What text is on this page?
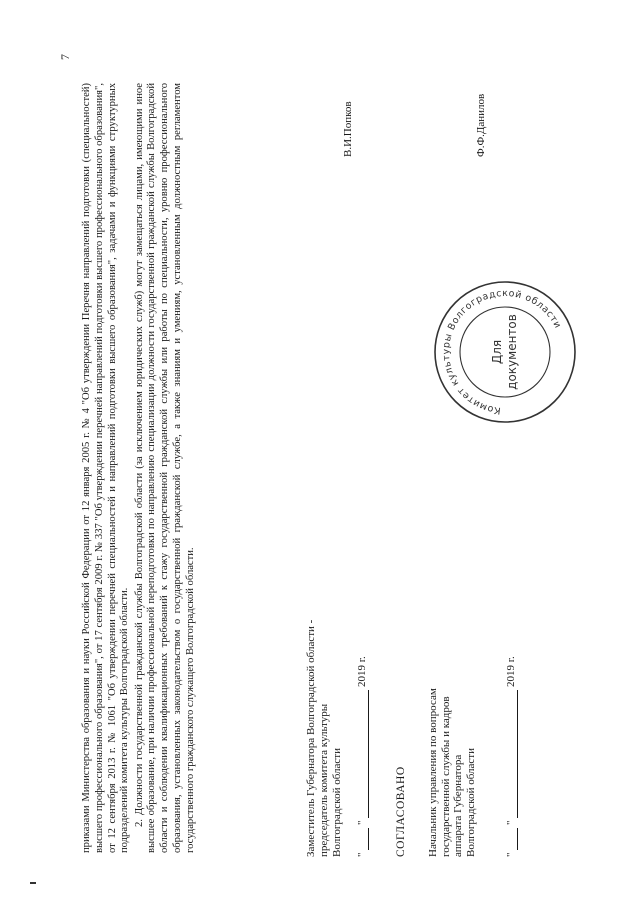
7

приказами Министерства образования и науки Российской Федерации от 12 января 2005 г. № 4 "Об утверждении Перечня направлений подготовки (специальностей) высшего профессионального образования", от 17 сентября 2009 г. № 337 "Об утверждении перечней направлений подготовки высшего профессионального образования", от 12 сентября 2013 г. № 1061 "Об утверждении перечней специальностей и направлений подготовки высшего образования", задачами и функциями структурных подразделений комитета культуры Волгоградской области. 2. Должности государственной гражданской службы Волгоградской области (за исключением юридических служб) могут замещаться лицами, имеющими иное высшее образование, при наличии профессиональной переподготовки по направлению специализации должности государственной гражданской службы Волгоградской области и соблюдении квалификационных требований к стажу государственной гражданской службы или работы по специальности, уровню профессионального образования, установленных законодательством о государственной гражданской службе, а также знаниям и умениям, установленным должностным регламентом государственного гражданского служащего Волгоградской области.	Заместитель Губернатора Волгоградской области - председатель комитета культуры Волгоградской области
В.И.Попков
"   "   2019 г.
СОГЛАСОВАНО Начальник управления по вопросам государственной службы и кадров аппарата Губернатора Волгоградской области
Ф.Ф.Данилов
"   "   2019 г.
Комитет культуры Волгоградской области
Для документов
